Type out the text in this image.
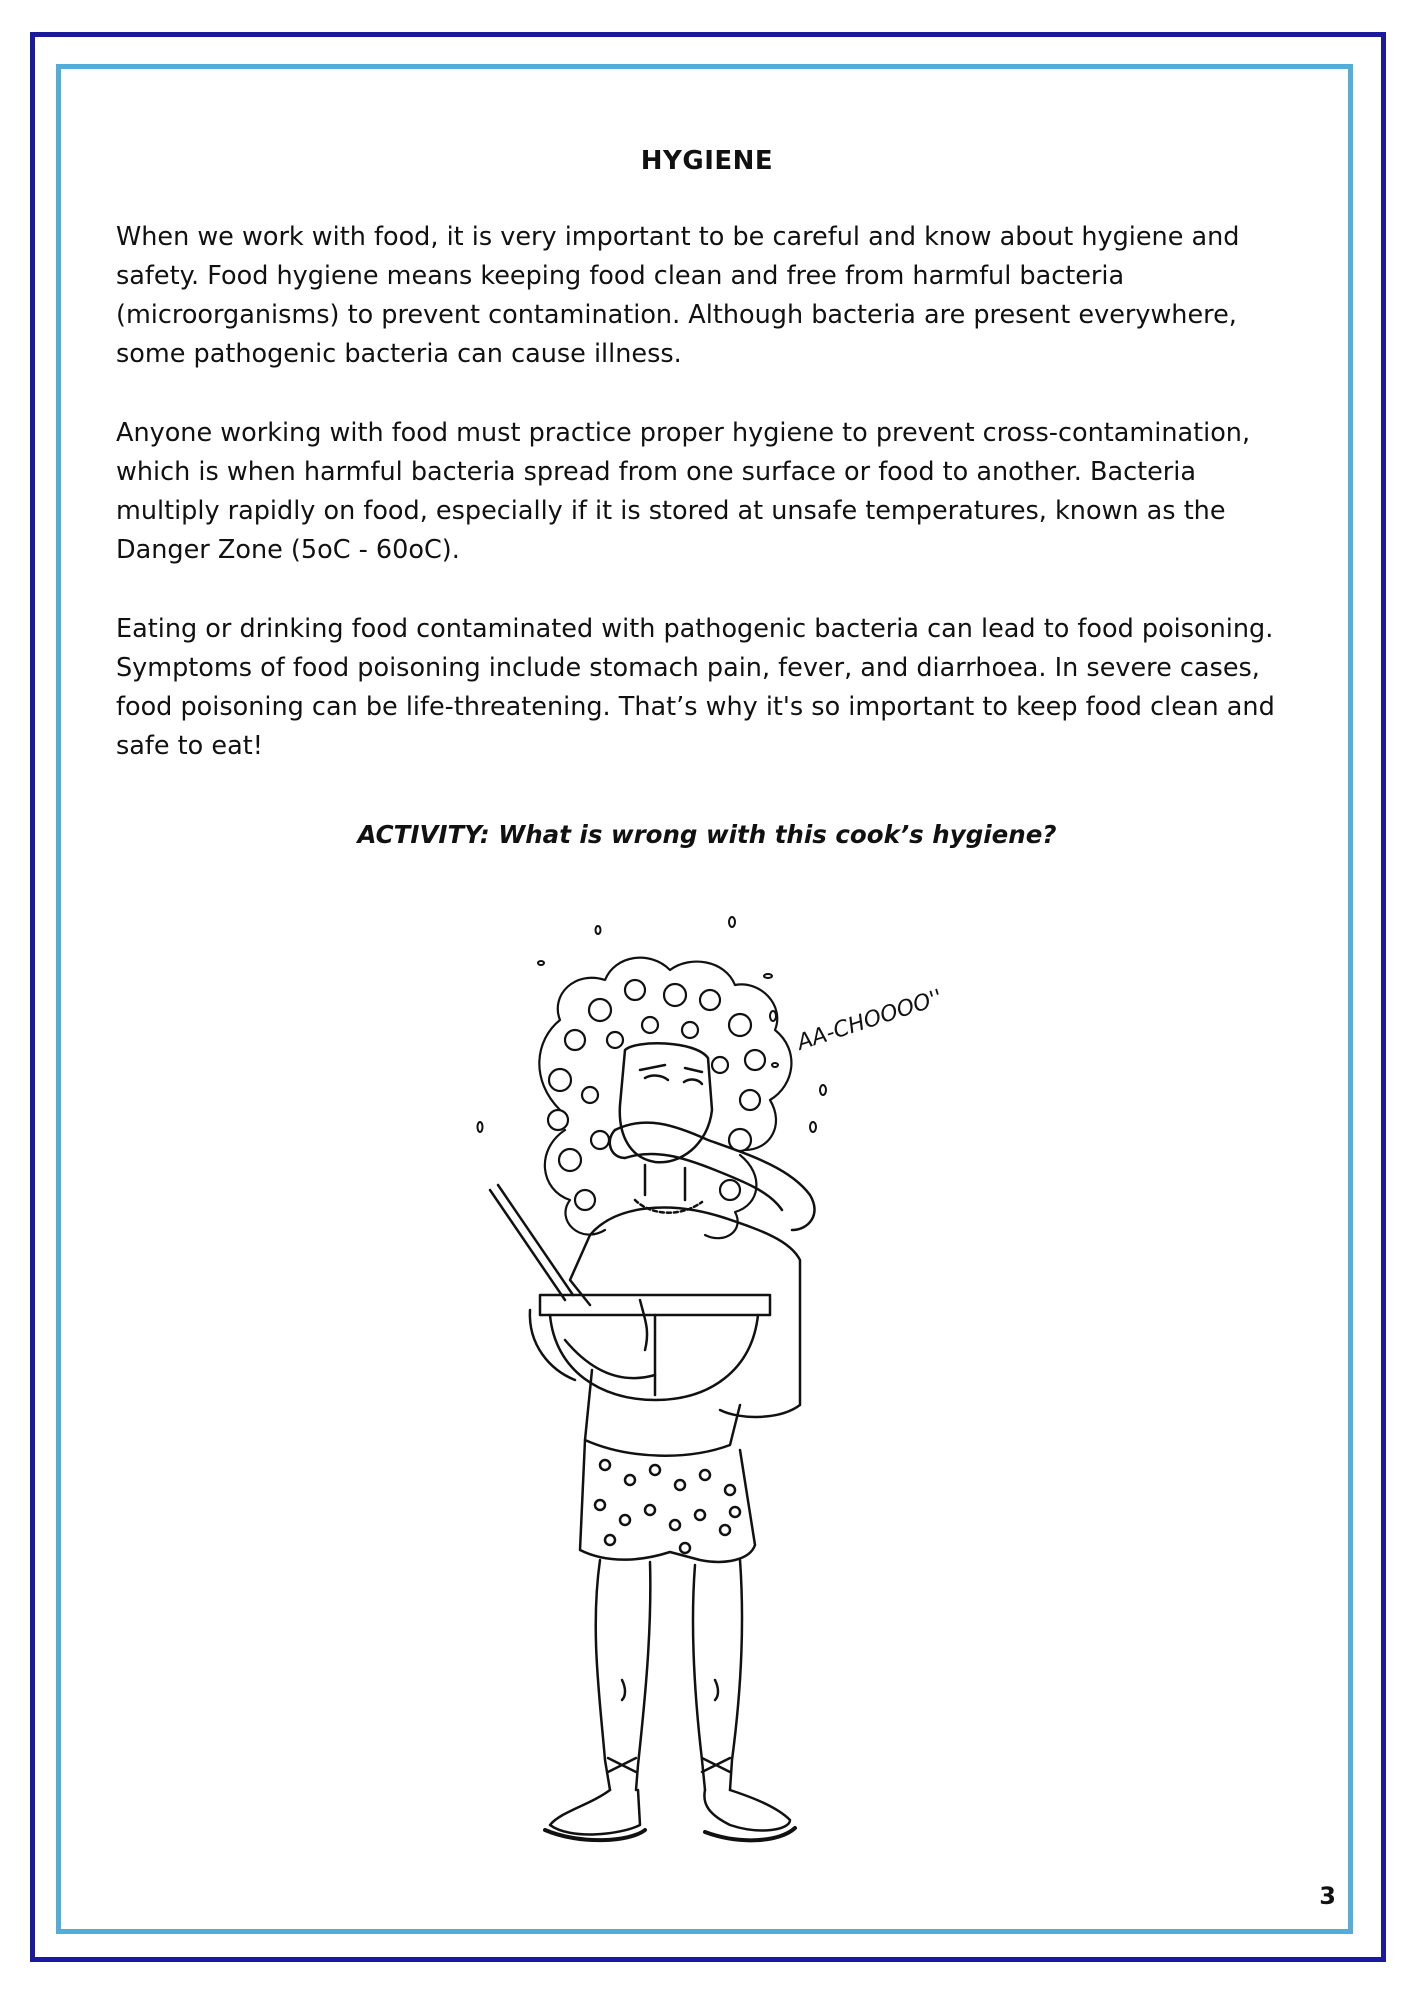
HYGIENE

When we work with food, it is very important to be careful and know about hygiene and safety. Food hygiene means keeping food clean and free from harmful bacteria (microorganisms) to prevent contamination. Although bacteria are present everywhere, some pathogenic bacteria can cause illness.

Anyone working with food must practice proper hygiene to prevent cross-contamination, which is when harmful bacteria spread from one surface or food to another. Bacteria multiply rapidly on food, especially if it is stored at unsafe temperatures, known as the Danger Zone (5oC - 60oC).

Eating or drinking food contaminated with pathogenic bacteria can lead to food poisoning. Symptoms of food poisoning include stomach pain, fever, and diarrhoea. In severe cases, food poisoning can be life-threatening. That’s why it's so important to keep food clean and safe to eat!

ACTIVITY: What is wrong with this cook’s hygiene?

AA-CHOOOO''
3
